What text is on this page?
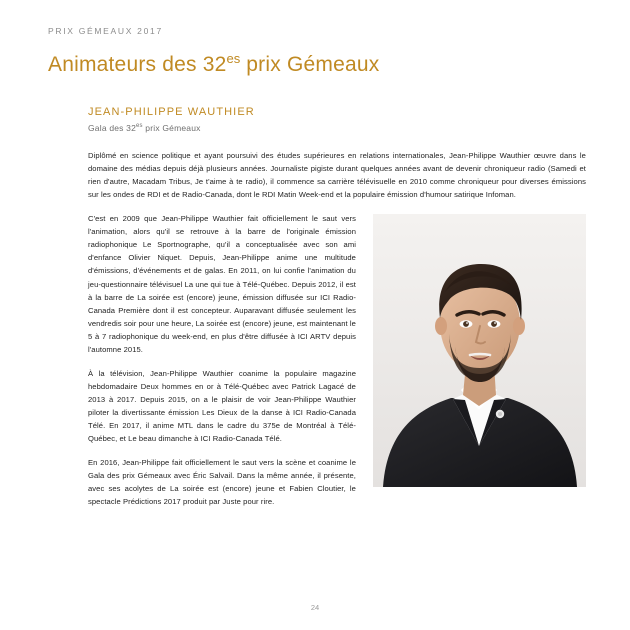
PRIX GÉMEAUX 2017
Animateurs des $32^{es}$ prix Gémeaux
JEAN-PHILIPPE WAUTHIER
Gala des $32^{es}$ prix Gémeaux

Diplômé en science politique et ayant poursuivi des études supérieures en relations internationales, Jean-Philippe Wauthier œuvre dans le domaine des médias depuis déjà plusieurs années. Journaliste pigiste durant quelques années avant de devenir chroniqueur radio (Samedi et rien d'autre, Macadam Tribus, Je t'aime à te radio), il commence sa carrière télévisuelle en 2010 comme chroniqueur pour diverses émissions sur les ondes de RDI et de Radio-Canada, dont le RDI Matin Week-end et la populaire émission d'humour satirique Infoman.

C'est en 2009 que Jean-Philippe Wauthier fait officiellement le saut vers l'animation, alors qu'il se retrouve à la barre de l'originale émission radiophonique Le Sportnographe, qu'il a conceptualisée avec son ami d'enfance Olivier Niquet. Depuis, Jean-Philippe anime une multitude d'émissions, d'événements et de galas. En 2011, on lui confie l'animation du jeu-questionnaire télévisuel La une qui tue à Télé-Québec. Depuis 2012, il est à la barre de La soirée est (encore) jeune, émission diffusée sur ICI Radio-Canada Première dont il est concepteur. Auparavant diffusée seulement les vendredis soir pour une heure, La soirée est (encore) jeune, est maintenant le 5 à 7 radiophonique du week-end, en plus d'être diffusée à ICI ARTV depuis l'automne 2015.

À la télévision, Jean-Philippe Wauthier coanime la populaire magazine hebdomadaire Deux hommes en or à Télé-Québec avec Patrick Lagacé de 2013 à 2017. Depuis 2015, on a le plaisir de voir Jean-Philippe Wauthier piloter la divertissante émission Les Dieux de la danse à ICI Radio-Canada Télé. En 2017, il anime MTL dans le cadre du 375e de Montréal à Télé-Québec, et Le beau dimanche à ICI Radio-Canada Télé.

En 2016, Jean-Philippe fait officiellement le saut vers la scène et coanime le Gala des prix Gémeaux avec Éric Salvail. Dans la même année, il présente, avec ses acolytes de La soirée est (encore) jeune et Fabien Cloutier, le spectacle Prédictions 2017 produit par Juste pour rire.

24
